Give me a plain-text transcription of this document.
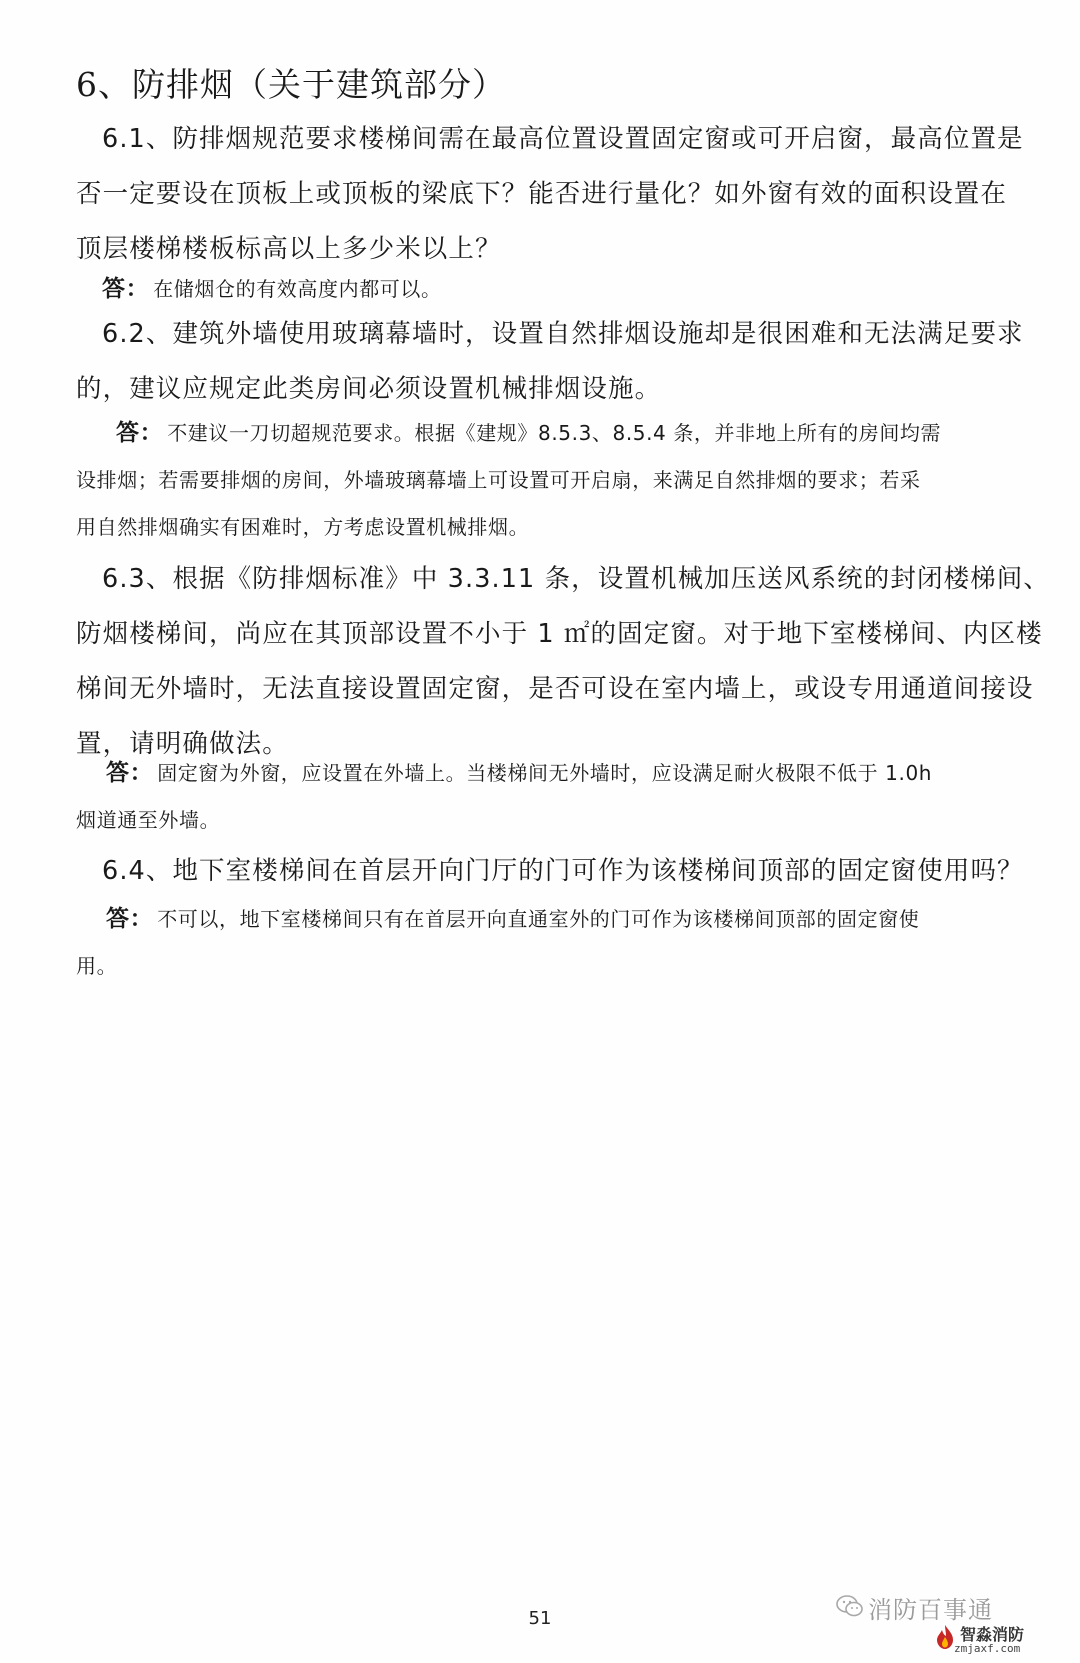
6、防排烟（关于建筑部分）
6.1、防排烟规范要求楼梯间需在最高位置设置固定窗或可开启窗，最高位置是
否一定要设在顶板上或顶板的梁底下？能否进行量化？如外窗有效的面积设置在
顶层楼梯楼板标高以上多少米以上？
答： 在储烟仓的有效高度内都可以。
6.2、建筑外墙使用玻璃幕墙时，设置自然排烟设施却是很困难和无法满足要求
的，建议应规定此类房间必须设置机械排烟设施。
答： 不建议一刀切超规范要求。根据《建规》8.5.3、8.5.4 条，并非地上所有的房间均需
设排烟；若需要排烟的房间，外墙玻璃幕墙上可设置可开启扇，来满足自然排烟的要求；若采
用自然排烟确实有困难时，方考虑设置机械排烟。
6.3、根据《防排烟标准》中 3.3.11 条，设置机械加压送风系统的封闭楼梯间、
防烟楼梯间，尚应在其顶部设置不小于 1 ㎡的固定窗。对于地下室楼梯间、内区楼
梯间无外墙时，无法直接设置固定窗，是否可设在室内墙上，或设专用通道间接设
置，请明确做法。
答： 固定窗为外窗，应设置在外墙上。当楼梯间无外墙时，应设满足耐火极限不低于 1.0h
烟道通至外墙。
6.4、地下室楼梯间在首层开向门厅的门可作为该楼梯间顶部的固定窗使用吗？
答： 不可以，地下室楼梯间只有在首层开向直通室外的门可作为该楼梯间顶部的固定窗使
用。
51	消防百事通
智淼消防
zmjaxf.com
